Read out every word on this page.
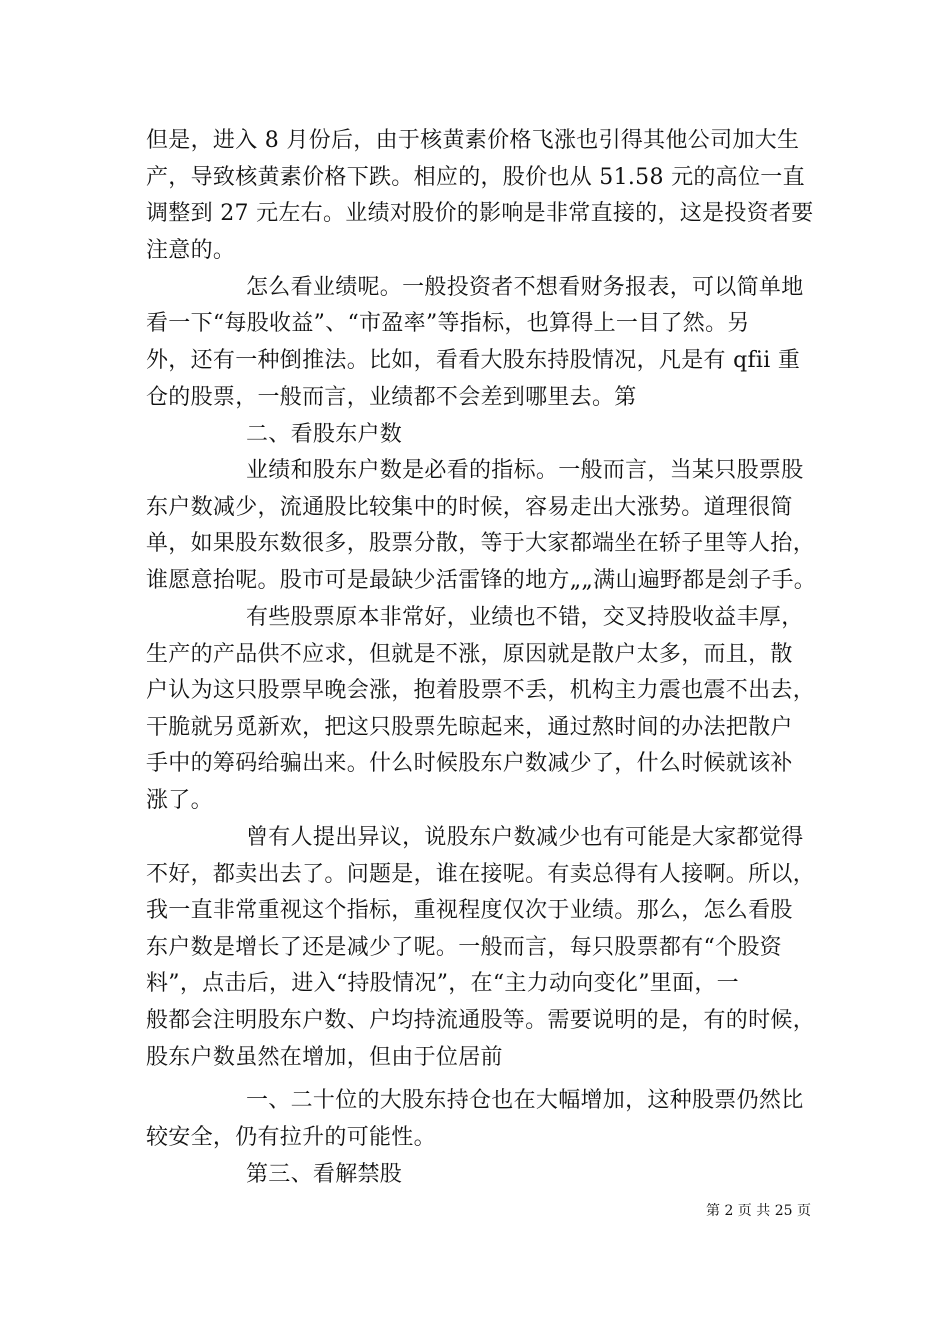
但是，进入 8 月份后，由于核黄素价格飞涨也引得其他公司加大生
产，导致核黄素价格下跌。相应的，股价也从 51.58 元的高位一直
调整到 27 元左右。业绩对股价的影响是非常直接的，这是投资者要
注意的。
怎么看业绩呢。一般投资者不想看财务报表，可以简单地
看一下“每股收益”、“市盈率”等指标，也算得上一目了然。另
外，还有一种倒推法。比如，看看大股东持股情况，凡是有 qfii 重
仓的股票，一般而言，业绩都不会差到哪里去。第
二、看股东户数
业绩和股东户数是必看的指标。一般而言，当某只股票股
东户数减少，流通股比较集中的时候，容易走出大涨势。道理很简
单，如果股东数很多，股票分散，等于大家都端坐在轿子里等人抬，
谁愿意抬呢。股市可是最缺少活雷锋的地方„„满山遍野都是刽子手。
有些股票原本非常好，业绩也不错，交叉持股收益丰厚，
生产的产品供不应求，但就是不涨，原因就是散户太多，而且，散
户认为这只股票早晚会涨，抱着股票不丢，机构主力震也震不出去，
干脆就另觅新欢，把这只股票先晾起来，通过熬时间的办法把散户
手中的筹码给骗出来。什么时候股东户数减少了，什么时候就该补
涨了。
曾有人提出异议，说股东户数减少也有可能是大家都觉得
不好，都卖出去了。问题是，谁在接呢。有卖总得有人接啊。所以，
我一直非常重视这个指标，重视程度仅次于业绩。那么，怎么看股
东户数是增长了还是减少了呢。一般而言，每只股票都有“个股资
料”，点击后，进入“持股情况”，在“主力动向变化”里面，一
般都会注明股东户数、户均持流通股等。需要说明的是，有的时候，
股东户数虽然在增加，但由于位居前
一、二十位的大股东持仓也在大幅增加，这种股票仍然比
较安全，仍有拉升的可能性。
第三、看解禁股
第 2 页 共 25 页
